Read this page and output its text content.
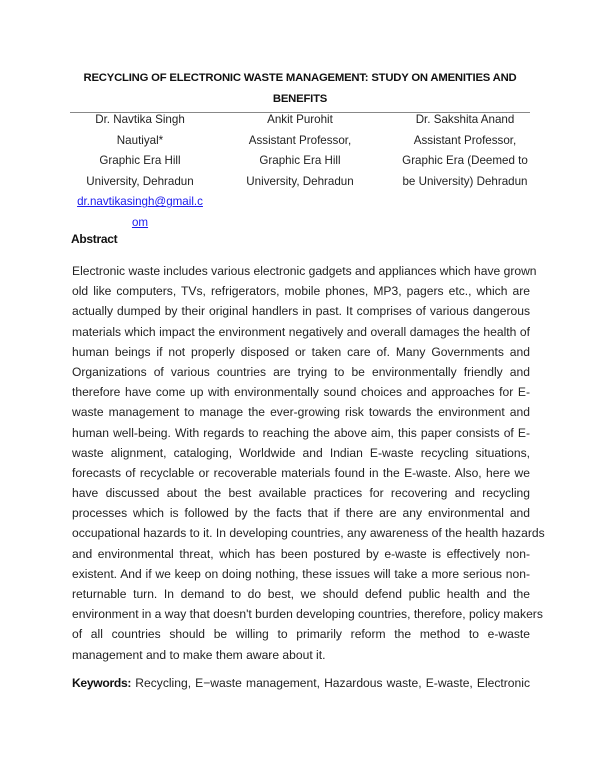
RECYCLING OF ELECTRONIC WASTE MANAGEMENT: STUDY ON AMENITIES AND
BENEFITS
Dr. Navtika Singh
Nautiyal*
Graphic Era Hill
University, Dehradun
dr.navtikasingh@gmail.c
om
Ankit Purohit
Assistant Professor,
Graphic Era Hill
University, Dehradun
Dr. Sakshita Anand
Assistant Professor,
Graphic Era (Deemed to
be University) Dehradun
Abstract
Electronic waste includes various electronic gadgets and appliances which have grown
old like computers, TVs, refrigerators, mobile phones, MP3, pagers etc., which are
actually dumped by their original handlers in past. It comprises of various dangerous
materials which impact the environment negatively and overall damages the health of
human beings if not properly disposed or taken care of. Many Governments and
Organizations of various countries are trying to be environmentally friendly and
therefore have come up with environmentally sound choices and approaches for E-
waste management to manage the ever-growing risk towards the environment and
human well-being. With regards to reaching the above aim, this paper consists of E-
waste alignment, cataloging, Worldwide and Indian E-waste recycling situations,
forecasts of recyclable or recoverable materials found in the E-waste. Also, here we
have discussed about the best available practices for recovering and recycling
processes which is followed by the facts that if there are any environmental and
occupational hazards to it. In developing countries, any awareness of the health hazards
and environmental threat, which has been postured by e-waste is effectively non-
existent. And if we keep on doing nothing, these issues will take a more serious non-
returnable turn. In demand to do best, we should defend public health and the
environment in a way that doesn't burden developing countries, therefore, policy makers
of all countries should be willing to primarily reform the method to e-waste
management and to make them aware about it.
Keywords: Recycling, E−waste management, Hazardous waste, E-waste, Electronic
